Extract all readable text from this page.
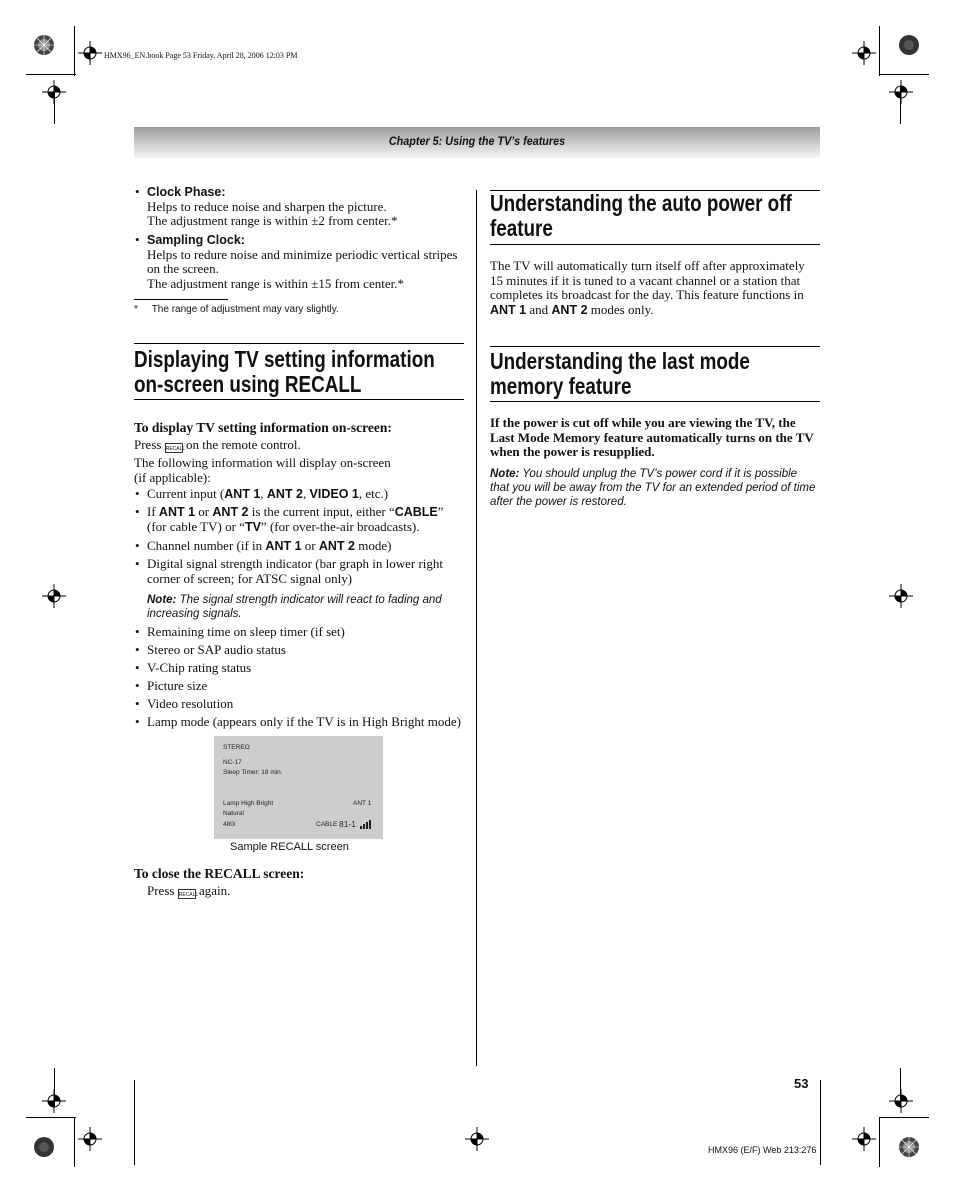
HMX96_EN.book Page 53 Friday, April 28, 2006 12:03 PM
Chapter 5: Using the TV’s features
• Clock Phase:
Helps to reduce noise and sharpen the picture.
The adjustment range is within ±2 from center.*
• Sampling Clock:
Helps to redure noise and minimize periodic vertical stripes
on the screen.
The adjustment range is within ±15 from center.*
* The range of adjustment may vary slightly.
Displaying TV setting information
on-screen using RECALL
To display TV setting information on-screen:
Press RECALL on the remote control.
The following information will display on-screen
(if applicable):
• Current input (ANT 1, ANT 2, VIDEO 1, etc.)
• If ANT 1 or ANT 2 is the current input, either “CABLE”
(for cable TV) or “TV” (for over-the-air broadcasts).
• Channel number (if in ANT 1 or ANT 2 mode)
• Digital signal strength indicator (bar graph in lower right
corner of screen; for ATSC signal only)
Note: The signal strength indicator will react to fading and
increasing signals.
• Remaining time on sleep timer (if set)
• Stereo or SAP audio status
• V-Chip rating status
• Picture size
• Video resolution
• Lamp mode (appears only if the TV is in High Bright mode)
STEREO
NC-17
Sleep Timer: 18 min.
Lamp High Bright
Natural
480i
ANT 1
CABLE 81-1
Sample RECALL screen
To close the RECALL screen:
Press RECALL again.
Understanding the auto power off
feature
The TV will automatically turn itself off after approximately
15 minutes if it is tuned to a vacant channel or a station that
completes its broadcast for the day. This feature functions in
ANT 1 and ANT 2 modes only.
Understanding the last mode
memory feature
If the power is cut off while you are viewing the TV, the
Last Mode Memory feature automatically turns on the TV
when the power is resupplied.
Note: You should unplug the TV’s power cord if it is possible
that you will be away from the TV for an extended period of time
after the power is restored.
53
HMX96 (E/F) Web 213:276
